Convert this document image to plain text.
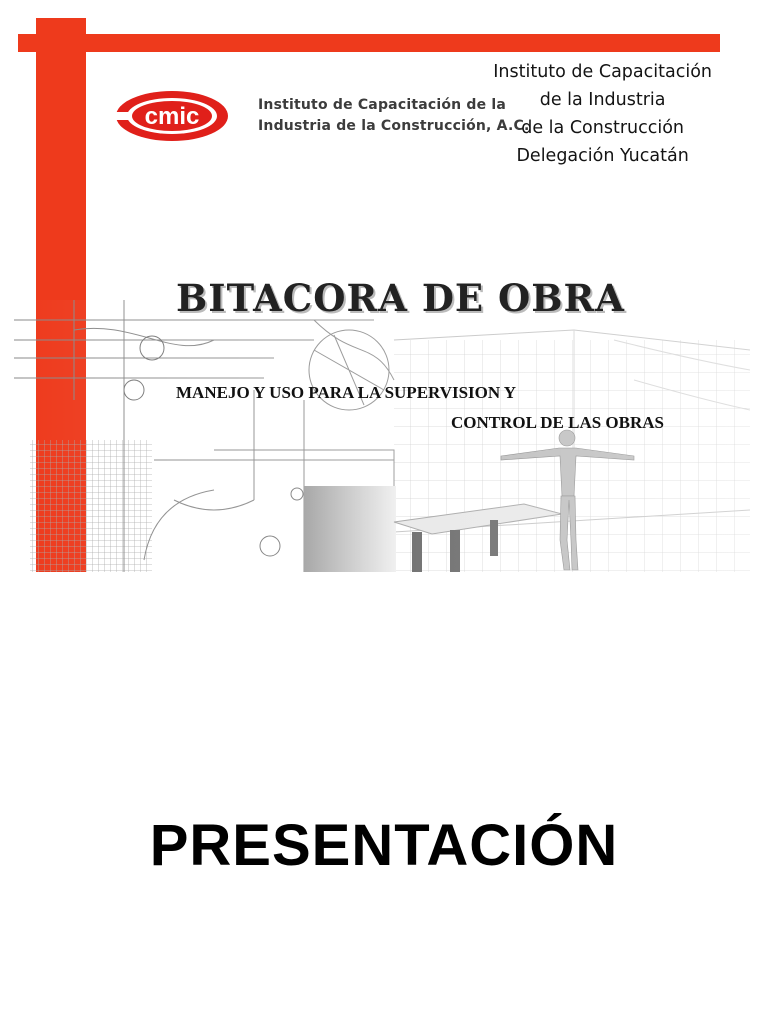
cmic	Instituto de Capacitación de la
Industria de la Construcción, A.C.

Instituto de Capacitación
de la Industria
de la Construcción
Delegación Yucatán

BITACORA DE OBRA

MANEJO Y USO PARA LA SUPERVISION Y
CONTROL DE LAS OBRAS

PRESENTACIÓN
